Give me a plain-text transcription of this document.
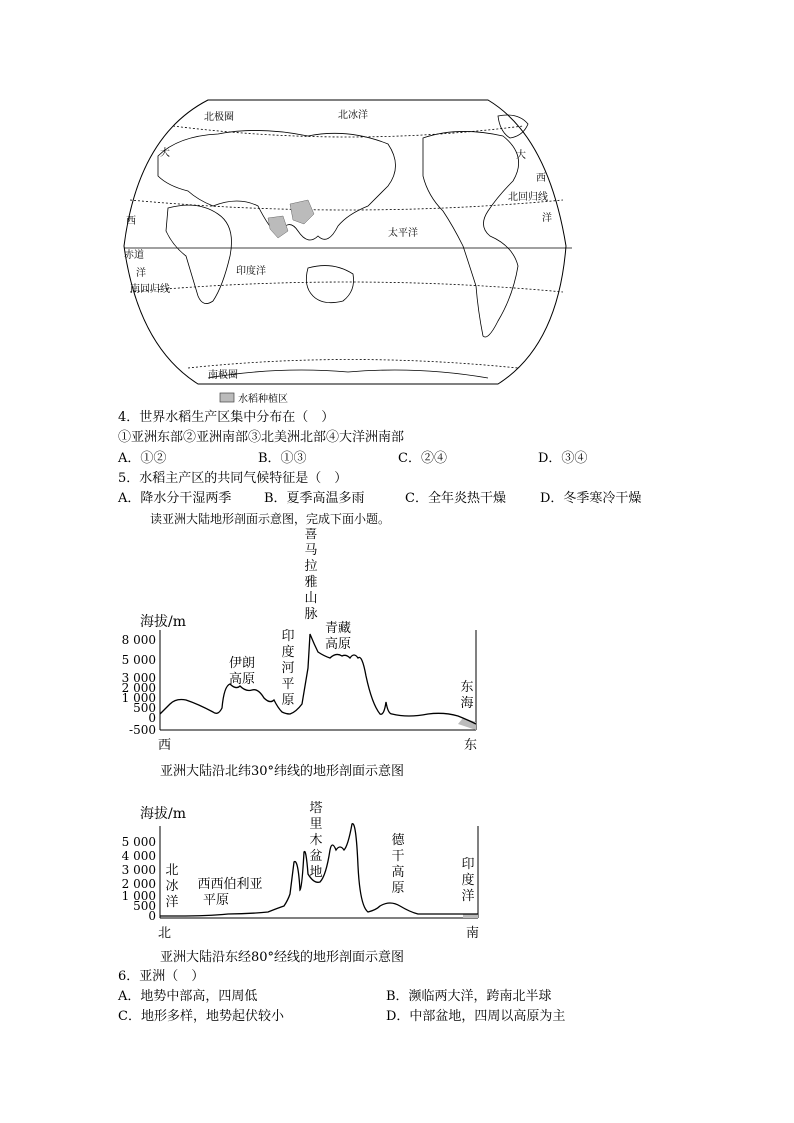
北极圈	北冰洋
大
西
洋
大
西
洋
北回归线
太平洋
赤道
印度洋
南回归线
南极圈
水稻种植区
4．世界水稻生产区集中分布在（　）
①亚洲东部②亚洲南部③北美洲北部④大洋洲南部
A．①②	B．①③	C．②④	D．③④
5．水稻主产区的共同气候特征是（　）
A．降水分干湿两季	B．夏季高温多雨	C．全年炎热干燥	D．冬季寒冷干燥
读亚洲大陆地形剖面示意图，完成下面小题。
海拔/m
8 000
5 000
3 000
2 000
1 000
500
0
-500
喜
马
拉
雅
山
脉
青藏
高原
印
度
河
平
原
伊朗
高原
东
海
西	东
亚洲大陆沿北纬30°纬线的地形剖面示意图
海拔/m
5 000
4 000
3 000
2 000
1 000
500
0
北
冰
洋
西西伯利亚
平原
塔
里
木
盆
地
德
干
高
原
印
度
洋
北	南
亚洲大陆沿东经80°经线的地形剖面示意图
6．亚洲（　）
A．地势中部高，四周低	B．濒临两大洋，跨南北半球
C．地形多样，地势起伏较小	D．中部盆地，四周以高原为主
